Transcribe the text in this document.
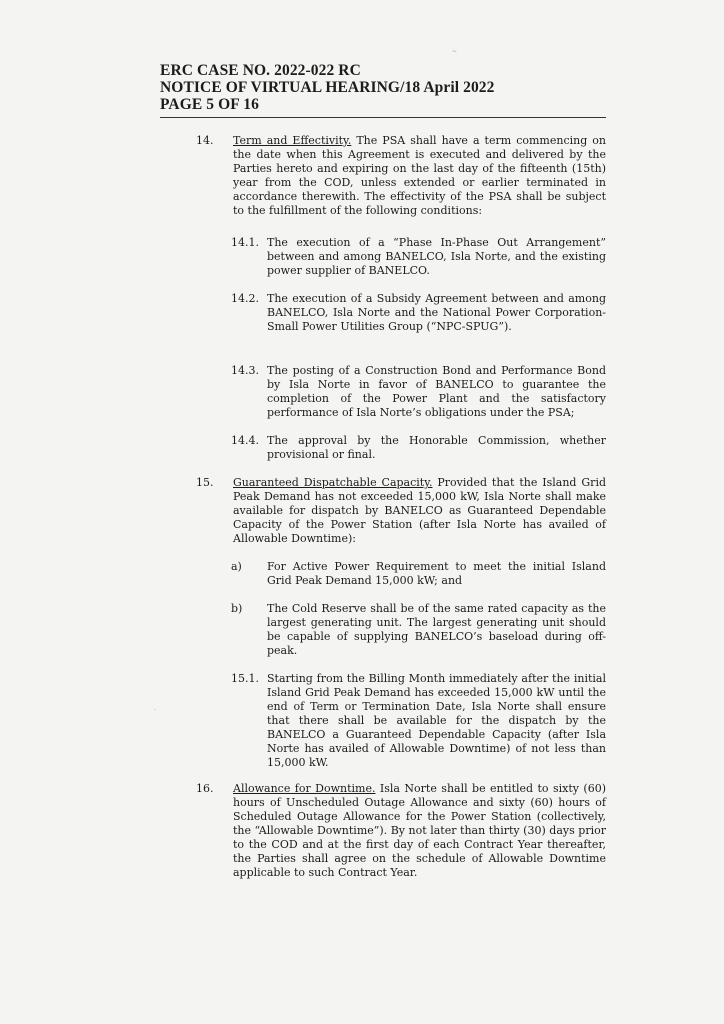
ERC CASE NO. 2022-022 RC
NOTICE OF VIRTUAL HEARING/18 April 2022
PAGE 5 OF 16
14. Term and Effectivity. The PSA shall have a term commencing on the date when this Agreement is executed and delivered by the Parties hereto and expiring on the last day of the fifteenth (15th) year from the COD, unless extended or earlier terminated in accordance therewith. The effectivity of the PSA shall be subject to the fulfillment of the following conditions:
14.1. The execution of a “Phase In-Phase Out Arrangement” between and among BANELCO, Isla Norte, and the existing power supplier of BANELCO.
14.2. The execution of a Subsidy Agreement between and among BANELCO, Isla Norte and the National Power Corporation-Small Power Utilities Group (“NPC-SPUG”).
14.3. The posting of a Construction Bond and Performance Bond by Isla Norte in favor of BANELCO to guarantee the completion of the Power Plant and the satisfactory performance of Isla Norte’s obligations under the PSA;
14.4. The approval by the Honorable Commission, whether provisional or final.
15. Guaranteed Dispatchable Capacity. Provided that the Island Grid Peak Demand has not exceeded 15,000 kW, Isla Norte shall make available for dispatch by BANELCO as Guaranteed Dependable Capacity of the Power Station (after Isla Norte has availed of Allowable Downtime):
a) For Active Power Requirement to meet the initial Island Grid Peak Demand 15,000 kW; and
b) The Cold Reserve shall be of the same rated capacity as the largest generating unit. The largest generating unit should be capable of supplying BANELCO’s baseload during off-peak.
15.1. Starting from the Billing Month immediately after the initial Island Grid Peak Demand has exceeded 15,000 kW until the end of Term or Termination Date, Isla Norte shall ensure that there shall be available for the dispatch by the BANELCO a Guaranteed Dependable Capacity (after Isla Norte has availed of Allowable Downtime) of not less than 15,000 kW.
16. Allowance for Downtime. Isla Norte shall be entitled to sixty (60) hours of Unscheduled Outage Allowance and sixty (60) hours of Scheduled Outage Allowance for the Power Station (collectively, the “Allowable Downtime”). By not later than thirty (30) days prior to the COD and at the first day of each Contract Year thereafter, the Parties shall agree on the schedule of Allowable Downtime applicable to such Contract Year.
~
.
